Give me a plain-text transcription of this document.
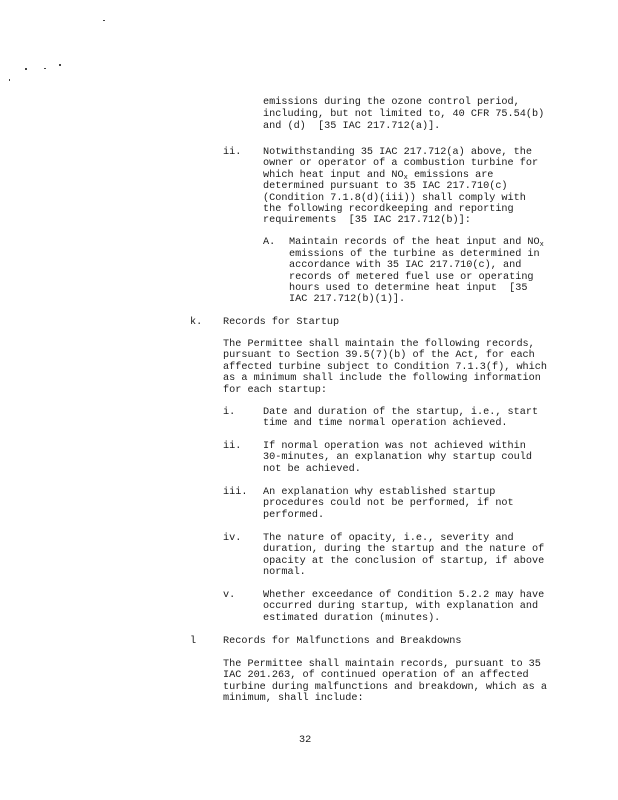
emissions during the ozone control period,
including, but not limited to, 40 CFR 75.54(b)
and (d)  [35 IAC 217.712(a)].
ii. Notwithstanding 35 IAC 217.712(a) above, the
owner or operator of a combustion turbine for
which heat input and $NO_x$ emissions are
determined pursuant to 35 IAC 217.710(c)
(Condition 7.1.8(d)(iii)) shall comply with
the following recordkeeping and reporting
requirements  [35 IAC 217.712(b)]:
A. Maintain records of the heat input and $NO_x$
emissions of the turbine as determined in
accordance with 35 IAC 217.710(c), and
records of metered fuel use or operating
hours used to determine heat input  [35
IAC 217.712(b)(1)].
k. Records for Startup
The Permittee shall maintain the following records,
pursuant to Section 39.5(7)(b) of the Act, for each
affected turbine subject to Condition 7.1.3(f), which
as a minimum shall include the following information
for each startup:
i.	Date and duration of the startup, i.e., start
time and time normal operation achieved.
ii. If normal operation was not achieved within
30-minutes, an explanation why startup could
not be achieved.
iii. An explanation why established startup
procedures could not be performed, if not
performed.
iv. The nature of opacity, i.e., severity and
duration, during the startup and the nature of
opacity at the conclusion of startup, if above
normal.
v.	Whether exceedance of Condition 5.2.2 may have
occurred during startup, with explanation and
estimated duration (minutes).
l	Records for Malfunctions and Breakdowns
The Permittee shall maintain records, pursuant to 35
IAC 201.263, of continued operation of an affected
turbine during malfunctions and breakdown, which as a
minimum, shall include:
32
